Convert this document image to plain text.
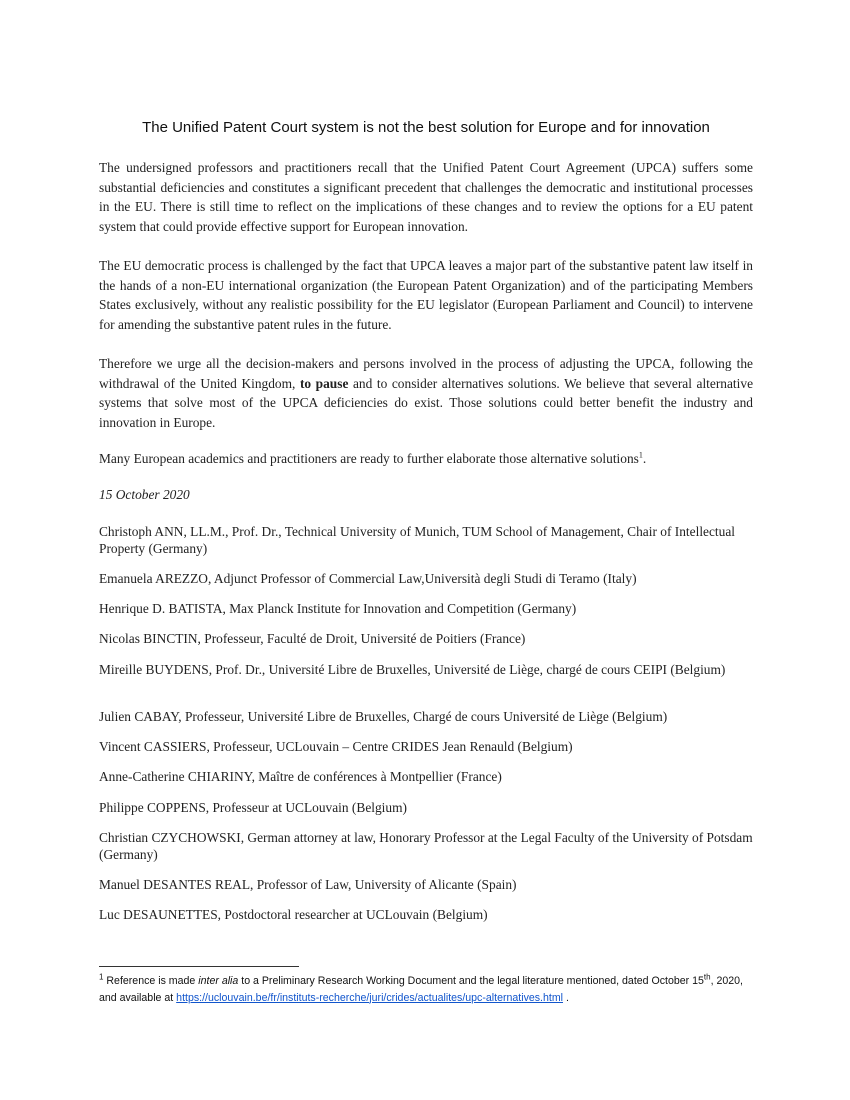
The Unified Patent Court system is not the best solution for Europe and for innovation

The undersigned professors and practitioners recall that the Unified Patent Court Agreement (UPCA) suffers some substantial deficiencies and constitutes a significant precedent that challenges the democratic and institutional processes in the EU. There is still time to reflect on the implications of these changes and to review the options for a EU patent system that could provide effective support for European innovation.

The EU democratic process is challenged by the fact that UPCA leaves a major part of the substantive patent law itself in the hands of a non-EU international organization (the European Patent Organization) and of the participating Members States exclusively, without any realistic possibility for the EU legislator (European Parliament and Council) to intervene for amending the substantive patent rules in the future.

Therefore we urge all the decision-makers and persons involved in the process of adjusting the UPCA, following the withdrawal of the United Kingdom, to pause and to consider alternatives solutions. We believe that several alternative systems that solve most of the UPCA deficiencies do exist. Those solutions could better benefit the industry and innovation in Europe.

Many European academics and practitioners are ready to further elaborate those alternative solutions$^1$.

15 October 2020

Christoph ANN, LL.M., Prof. Dr., Technical University of Munich, TUM School of Management, Chair of Intellectual Property (Germany)

Emanuela AREZZO, Adjunct Professor of Commercial Law,Università degli Studi di Teramo (Italy)

Henrique D. BATISTA, Max Planck Institute for Innovation and Competition (Germany)

Nicolas BINCTIN, Professeur, Faculté de Droit, Université de Poitiers (France)

Mireille BUYDENS, Prof. Dr., Université Libre de Bruxelles, Université de Liège, chargé de cours CEIPI (Belgium)

Julien CABAY, Professeur, Université Libre de Bruxelles, Chargé de cours Université de Liège (Belgium)

Vincent CASSIERS, Professeur, UCLouvain – Centre CRIDES Jean Renauld (Belgium)

Anne-Catherine CHIARINY, Maître de conférences à Montpellier (France)

Philippe COPPENS, Professeur at UCLouvain (Belgium)

Christian CZYCHOWSKI, German attorney at law, Honorary Professor at the Legal Faculty of the University of Potsdam (Germany)

Manuel DESANTES REAL, Professor of Law, University of Alicante (Spain)

Luc DESAUNETTES, Postdoctoral researcher at UCLouvain (Belgium)

$^1$ Reference is made inter alia to a Preliminary Research Working Document and the legal literature mentioned, dated October 15th, 2020, and available at https://uclouvain.be/fr/instituts-recherche/juri/crides/actualites/upc-alternatives.html .
